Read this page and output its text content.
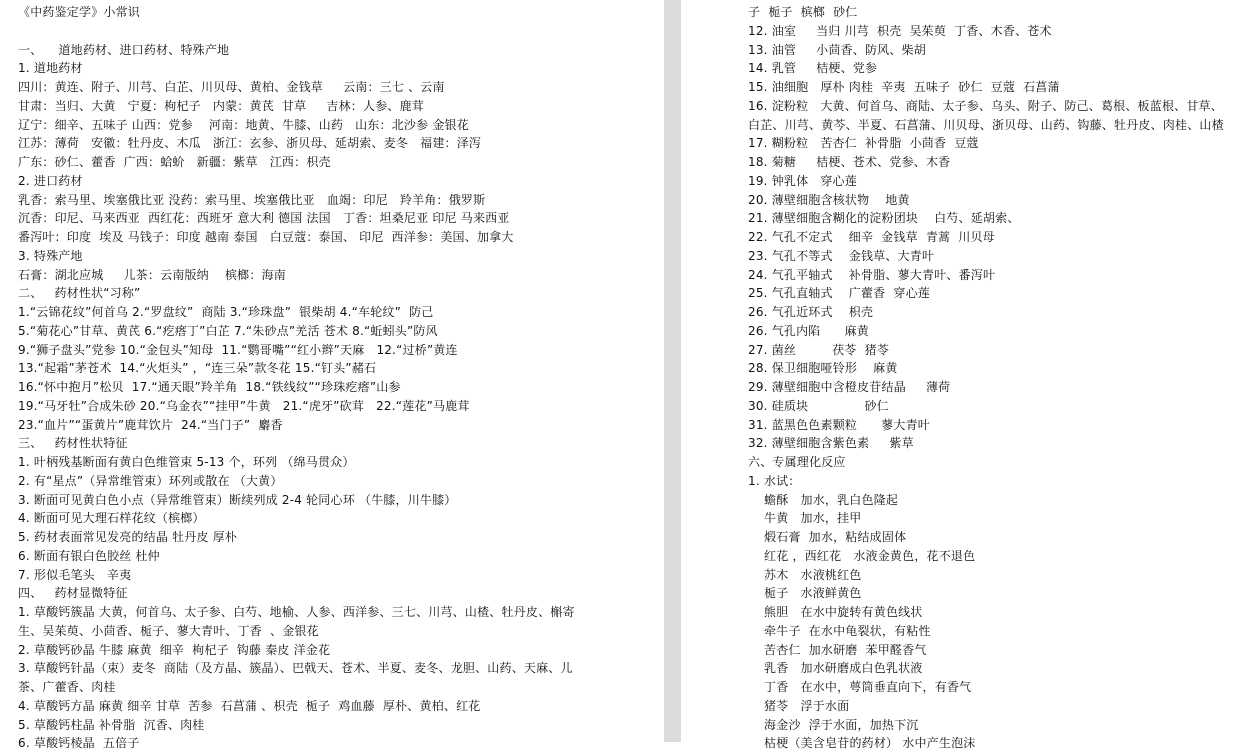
《中药鉴定学》小常识
一、    道地药材、进口药材、特殊产地
1. 道地药材
四川：黄连、附子、川芎、白芷、川贝母、黄柏、金钱草     云南：三七 、云南
甘肃：当归、大黄   宁夏：枸杞子   内蒙：黄芪  甘草     吉林：人参、鹿茸
辽宁：细辛、五味子 山西：党参    河南：地黄、牛膝、山药   山东：北沙参 金银花
江苏：薄荷   安徽：牡丹皮、木瓜   浙江：玄参、浙贝母、延胡索、麦冬   福建：泽泻
广东：砂仁、藿香  广西：蛤蚧   新疆：紫草   江西：枳壳
2. 进口药材
乳香：索马里、埃塞俄比亚 没药：索马里、埃塞俄比亚   血竭：印尼   羚羊角：俄罗斯
沉香：印尼、马来西亚  西红花：西班牙 意大利 德国 法国   丁香：坦桑尼亚 印尼 马来西亚
番泻叶：印度  埃及 马钱子：印度 越南 泰国   白豆蔻：泰国、 印尼  西洋参：美国、加拿大
3. 特殊产地
石膏：湖北应城     儿茶：云南版纳    槟榔：海南
二、   药材性状“习称”
1.“云锦花纹”何首乌 2.“罗盘纹”  商陆 3.“珍珠盘”  银柴胡 4.“车轮纹”  防己
5.“菊花心”甘草、黄芪 6.“疙瘩丁”白芷 7.“朱砂点”羌活 苍术 8.“蚯蚓头”防风
9.“狮子盘头”党参 10.“金包头”知母  11.“鹦哥嘴”“红小辫”天麻   12.“过桥”黄连
13.“起霜”茅苍术  14.“火炬头” ，“连三朵”款冬花 15.“钉头”赭石
16.“怀中抱月”松贝  17.“通天眼”羚羊角  18.“铁线纹”“珍珠疙瘩”山参
19.“马牙牡”合成朱砂 20.“乌金衣”“挂甲”牛黄   21.“虎牙”砍茸   22.“莲花”马鹿茸
23.“血片”“蛋黄片”鹿茸饮片  24.“当门子”  麝香
三、   药材性状特征
1. 叶柄残基断面有黄白色维管束 5-13 个，环列 （绵马贯众）
2. 有“星点”（异常维管束）环列或散在 （大黄）
3. 断面可见黄白色小点（异常维管束）断续列成 2-4 轮同心环 （牛膝，川牛膝）
4. 断面可见大理石样花纹（槟榔）
5. 药材表面常见发亮的结晶 牡丹皮 厚朴
6. 断面有银白色胶丝 杜仲
7. 形似毛笔头   辛夷
四、   药材显微特征
1. 草酸钙簇晶 大黄，何首乌、太子参、白芍、地榆、人参、西洋参、三七、川芎、山楂、牡丹皮、槲寄
生、吴茱萸、小茴香、栀子、蓼大青叶、丁香  、金银花
2. 草酸钙砂晶 牛膝 麻黄  细辛  枸杞子  钩藤 秦皮 洋金花
3. 草酸钙针晶（束）麦冬  商陆（及方晶、簇晶）、巴戟天、苍术、半夏、麦冬、龙胆、山药、天麻、儿
茶、广藿香、肉桂
4. 草酸钙方晶 麻黄 细辛 甘草  苦参  石菖蒲 、枳壳  栀子  鸡血藤  厚朴、黄柏、红花
5. 草酸钙柱晶 补骨脂  沉香、肉桂
6. 草酸钙棱晶  五倍子
子  栀子  槟榔  砂仁
12. 油室     当归 川芎  枳壳  吴茱萸  丁香、木香、苍术
13. 油管     小茴香、防风、柴胡
14. 乳管     桔梗、党参
15. 油细胞   厚朴 肉桂  辛夷  五味子  砂仁  豆蔻  石菖蒲
16. 淀粉粒   大黄、何首乌、商陆、太子参、乌头、附子、防己、葛根、板蓝根、甘草、
白芷、川芎、黄芩、半夏、石菖蒲、川贝母、浙贝母、山药、钩藤、牡丹皮、肉桂、山楂
17. 糊粉粒   苦杏仁  补骨脂  小茴香  豆蔻
18. 菊糖     桔梗、苍术、党参、木香
19. 钟乳体   穿心莲
20. 薄壁细胞含核状物    地黄
21. 薄壁细胞含糊化的淀粉团块    白芍、延胡索、
22. 气孔不定式    细辛  金钱草  青蒿  川贝母
23. 气孔不等式    金钱草、大青叶
24. 气孔平轴式    补骨脂、蓼大青叶、番泻叶
25. 气孔直轴式    广藿香  穿心莲
26. 气孔近环式    枳壳
26. 气孔内陷      麻黄
27. 菌丝         茯苓  猪苓
28. 保卫细胞哑铃形    麻黄
29. 薄壁细胞中含橙皮苷结晶     薄荷
30. 硅质块              砂仁
31. 蓝黑色色素颗粒      蓼大青叶
32. 薄壁细胞含紫色素     紫草
六、专属理化反应
1. 水试：
蟾酥   加水，乳白色隆起
牛黄   加水，挂甲
煅石膏  加水，粘结成固体
红花 ，西红花   水液金黄色，花不退色
苏木   水液桃红色
栀子   水液鲜黄色
熊胆   在水中旋转有黄色线状
牵牛子  在水中龟裂状，有粘性
苦杏仁  加水研磨  苯甲醛香气
乳香   加水研磨成白色乳状液
丁香   在水中，萼筒垂直向下，有香气
猪苓   浮于水面
海金沙  浮于水面，加热下沉
枯梗（美含皂苷的药材） 水中产生泡沫
